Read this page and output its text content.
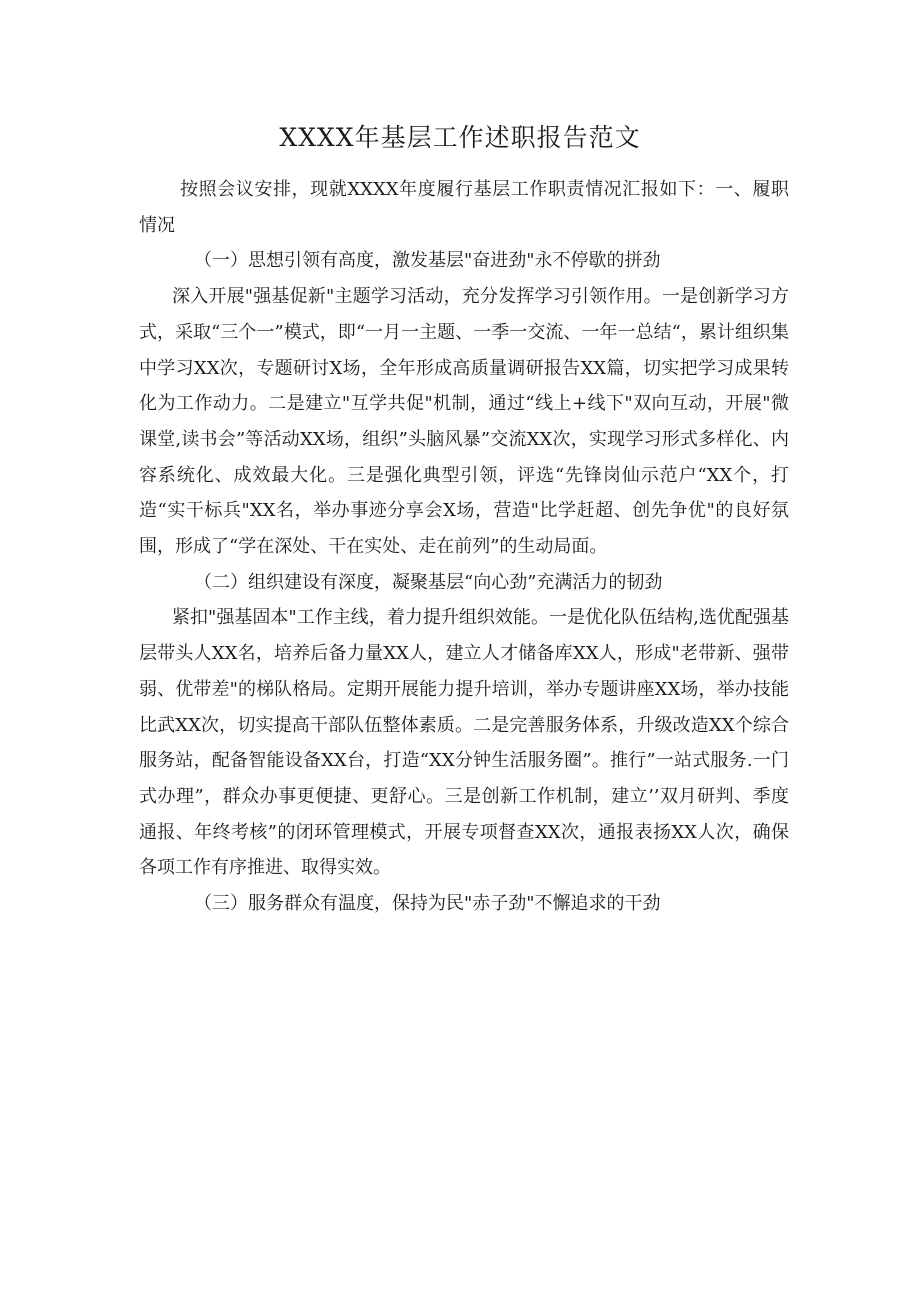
XXXX年基层工作述职报告范文

按照会议安排，现就XXXX年度履行基层工作职责情况汇报如下：一、履职情况

（一）思想引领有高度，激发基层"奋进劲"永不停歇的拼劲

深入开展"强基促新"主题学习活动，充分发挥学习引领作用。一是创新学习方式，采取“三个一”模式，即“一月一主题、一季一交流、一年一总结“，累计组织集中学习XX次，专题研讨X场，全年形成高质量调研报告XX篇，切实把学习成果转化为工作动力。二是建立"互学共促"机制，通过“线上+线下"双向互动，开展"微课堂,读书会”等活动XX场，组织”头脑风暴”交流XX次，实现学习形式多样化、内容系统化、成效最大化。三是强化典型引领，评选“先锋岗仙示范户“XX个，打造“实干标兵"XX名，举办事迹分享会X场，营造"比学赶超、创先争优"的良好氛围，形成了“学在深处、干在实处、走在前列”的生动局面。

（二）组织建设有深度，凝聚基层“向心劲”充满活力的韧劲

紧扣"强基固本"工作主线，着力提升组织效能。一是优化队伍结构,选优配强基层带头人XX名，培养后备力量XX人，建立人才储备库XX人，形成"老带新、强带弱、优带差"的梯队格局。定期开展能力提升培训，举办专题讲座XX场，举办技能比武XX次，切实提高干部队伍整体素质。二是完善服务体系，升级改造XX个综合服务站，配备智能设备XX台，打造“XX分钟生活服务圈”。推行”一站式服务.一门式办理”，群众办事更便捷、更舒心。三是创新工作机制，建立’’双月研判、季度通报、年终考核”的闭环管理模式，开展专项督查XX次，通报表扬XX人次，确保各项工作有序推进、取得实效。

（三）服务群众有温度，保持为民"赤子劲"不懈追求的干劲
